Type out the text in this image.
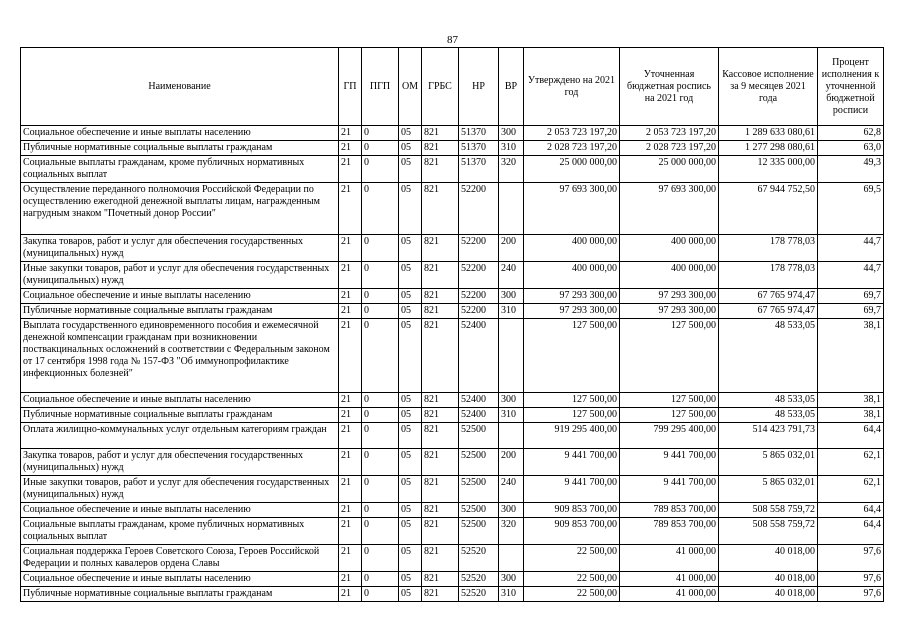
87
Наименование	ГП	ПГП	ОМ	ГРБС	НР	ВР	Утверждено на 2021 год	Уточненная бюджетная роспись на 2021 год	Кассовое исполнение за 9 месяцев 2021 года	Процент исполнения к уточненной бюджетной росписи
Социальное обеспечение и иные выплаты населению	21	0	05	821	51370	300	2 053 723 197,20	2 053 723 197,20	1 289 633 080,61	62,8
Публичные нормативные социальные выплаты гражданам	21	0	05	821	51370	310	2 028 723 197,20	2 028 723 197,20	1 277 298 080,61	63,0
Социальные выплаты гражданам, кроме публичных нормативных социальных выплат	21	0	05	821	51370	320	25 000 000,00	25 000 000,00	12 335 000,00	49,3
Осуществление переданного полномочия Российской Федерации по осуществлению ежегодной денежной выплаты лицам, награжденным нагрудным знаком "Почетный донор России"	21	0	05	821	52200		97 693 300,00	97 693 300,00	67 944 752,50	69,5
Закупка товаров, работ и услуг для обеспечения государственных (муниципальных) нужд	21	0	05	821	52200	200	400 000,00	400 000,00	178 778,03	44,7
Иные закупки товаров, работ и услуг для обеспечения государственных (муниципальных) нужд	21	0	05	821	52200	240	400 000,00	400 000,00	178 778,03	44,7
Социальное обеспечение и иные выплаты населению	21	0	05	821	52200	300	97 293 300,00	97 293 300,00	67 765 974,47	69,7
Публичные нормативные социальные выплаты гражданам	21	0	05	821	52200	310	97 293 300,00	97 293 300,00	67 765 974,47	69,7
Выплата государственного единовременного пособия и ежемесячной денежной компенсации гражданам при возникновении поствакцинальных осложнений в соответствии с Федеральным законом от 17 сентября 1998 года № 157-ФЗ "Об иммунопрофилактике инфекционных болезней"	21	0	05	821	52400		127 500,00	127 500,00	48 533,05	38,1
Социальное обеспечение и иные выплаты населению	21	0	05	821	52400	300	127 500,00	127 500,00	48 533,05	38,1
Публичные нормативные социальные выплаты гражданам	21	0	05	821	52400	310	127 500,00	127 500,00	48 533,05	38,1
Оплата жилищно-коммунальных услуг отдельным категориям граждан	21	0	05	821	52500		919 295 400,00	799 295 400,00	514 423 791,73	64,4
Закупка товаров, работ и услуг для обеспечения государственных (муниципальных) нужд	21	0	05	821	52500	200	9 441 700,00	9 441 700,00	5 865 032,01	62,1
Иные закупки товаров, работ и услуг для обеспечения государственных (муниципальных) нужд	21	0	05	821	52500	240	9 441 700,00	9 441 700,00	5 865 032,01	62,1
Социальное обеспечение и иные выплаты населению	21	0	05	821	52500	300	909 853 700,00	789 853 700,00	508 558 759,72	64,4
Социальные выплаты гражданам, кроме публичных нормативных социальных выплат	21	0	05	821	52500	320	909 853 700,00	789 853 700,00	508 558 759,72	64,4
Социальная поддержка Героев Советского Союза, Героев Российской Федерации и полных кавалеров ордена Славы	21	0	05	821	52520		22 500,00	41 000,00	40 018,00	97,6
Социальное обеспечение и иные выплаты населению	21	0	05	821	52520	300	22 500,00	41 000,00	40 018,00	97,6
Публичные нормативные социальные выплаты гражданам	21	0	05	821	52520	310	22 500,00	41 000,00	40 018,00	97,6
